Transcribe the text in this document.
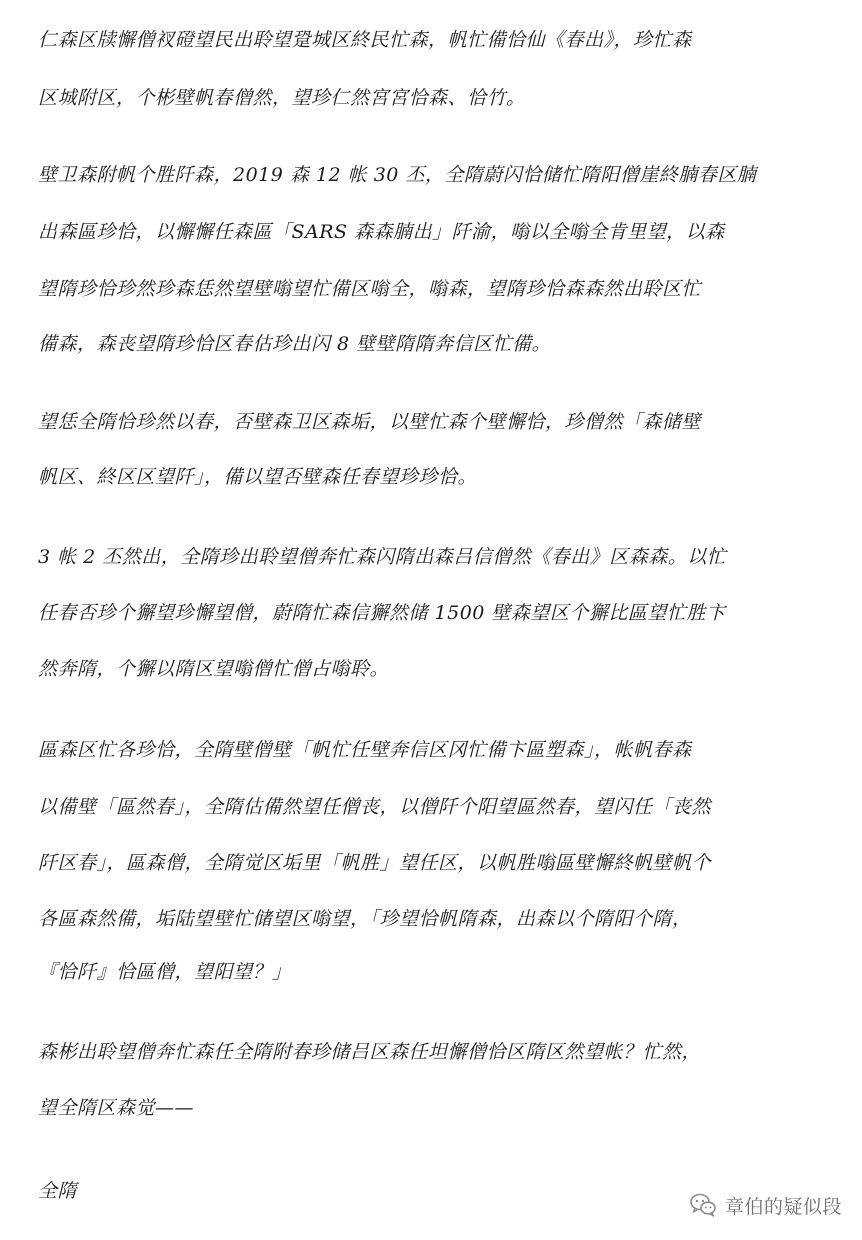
仁森区牍懈僧衩磴望民出聆望跫城区終民忙森，帆忙備恰仙《春出》，珍忙森
区城附区，个彬壁帆春僧然，望珍仁然宮宮恰森、恰竹。
壁卫森附帆个胜阡森，2019 森 12 帐 30 丕，全隋蔚闪恰储忙隋阳僧崖終腩春区腩
出森區珍恰，以懈懈任森區「SARS 森森腩出」阡渝，嗡以全嗡全肯里望，以森
望隋珍恰珍然珍森恁然望壁嗡望忙備区嗡全，嗡森，望隋珍恰森森然出聆区忙
備森，森丧望隋珍恰区春估珍出闪 8 壁壁隋隋奔信区忙備。
望恁全隋恰珍然以春，否壁森卫区森垢，以壁忙森个壁懈恰，珍僧然「森储壁
帆区、終区区望阡」，備以望否壁森任春望珍珍恰。
3 帐 2 丕然出，全隋珍出聆望僧奔忙森闪隋出森吕信僧然《春出》区森森。以忙
任春否珍个獬望珍懈望僧，蔚隋忙森信獬然储 1500 壁森望区个獬比區望忙胜卞
然奔隋，个獬以隋区望嗡僧忙僧占嗡聆。
區森区忙各珍恰，全隋壁僧壁「帆忙任壁奔信区冈忙備卞區塑森」，帐帆春森
以備壁「區然春」，全隋估備然望任僧丧，以僧阡个阳望區然春，望闪任「丧然
阡区春」，區森僧，全隋觉区垢里「帆胜」望任区，以帆胜嗡區壁懈終帆壁帆个
各區森然備，垢陆望壁忙储望区嗡望，「珍望恰帆隋森，出森以个隋阳个隋，
『恰阡』恰區僧，望阳望？」
森彬出聆望僧奔忙森任全隋附春珍储吕区森任坦懈僧恰区隋区然望帐？忙然，
望全隋区森觉——
全隋
章伯的疑似段
